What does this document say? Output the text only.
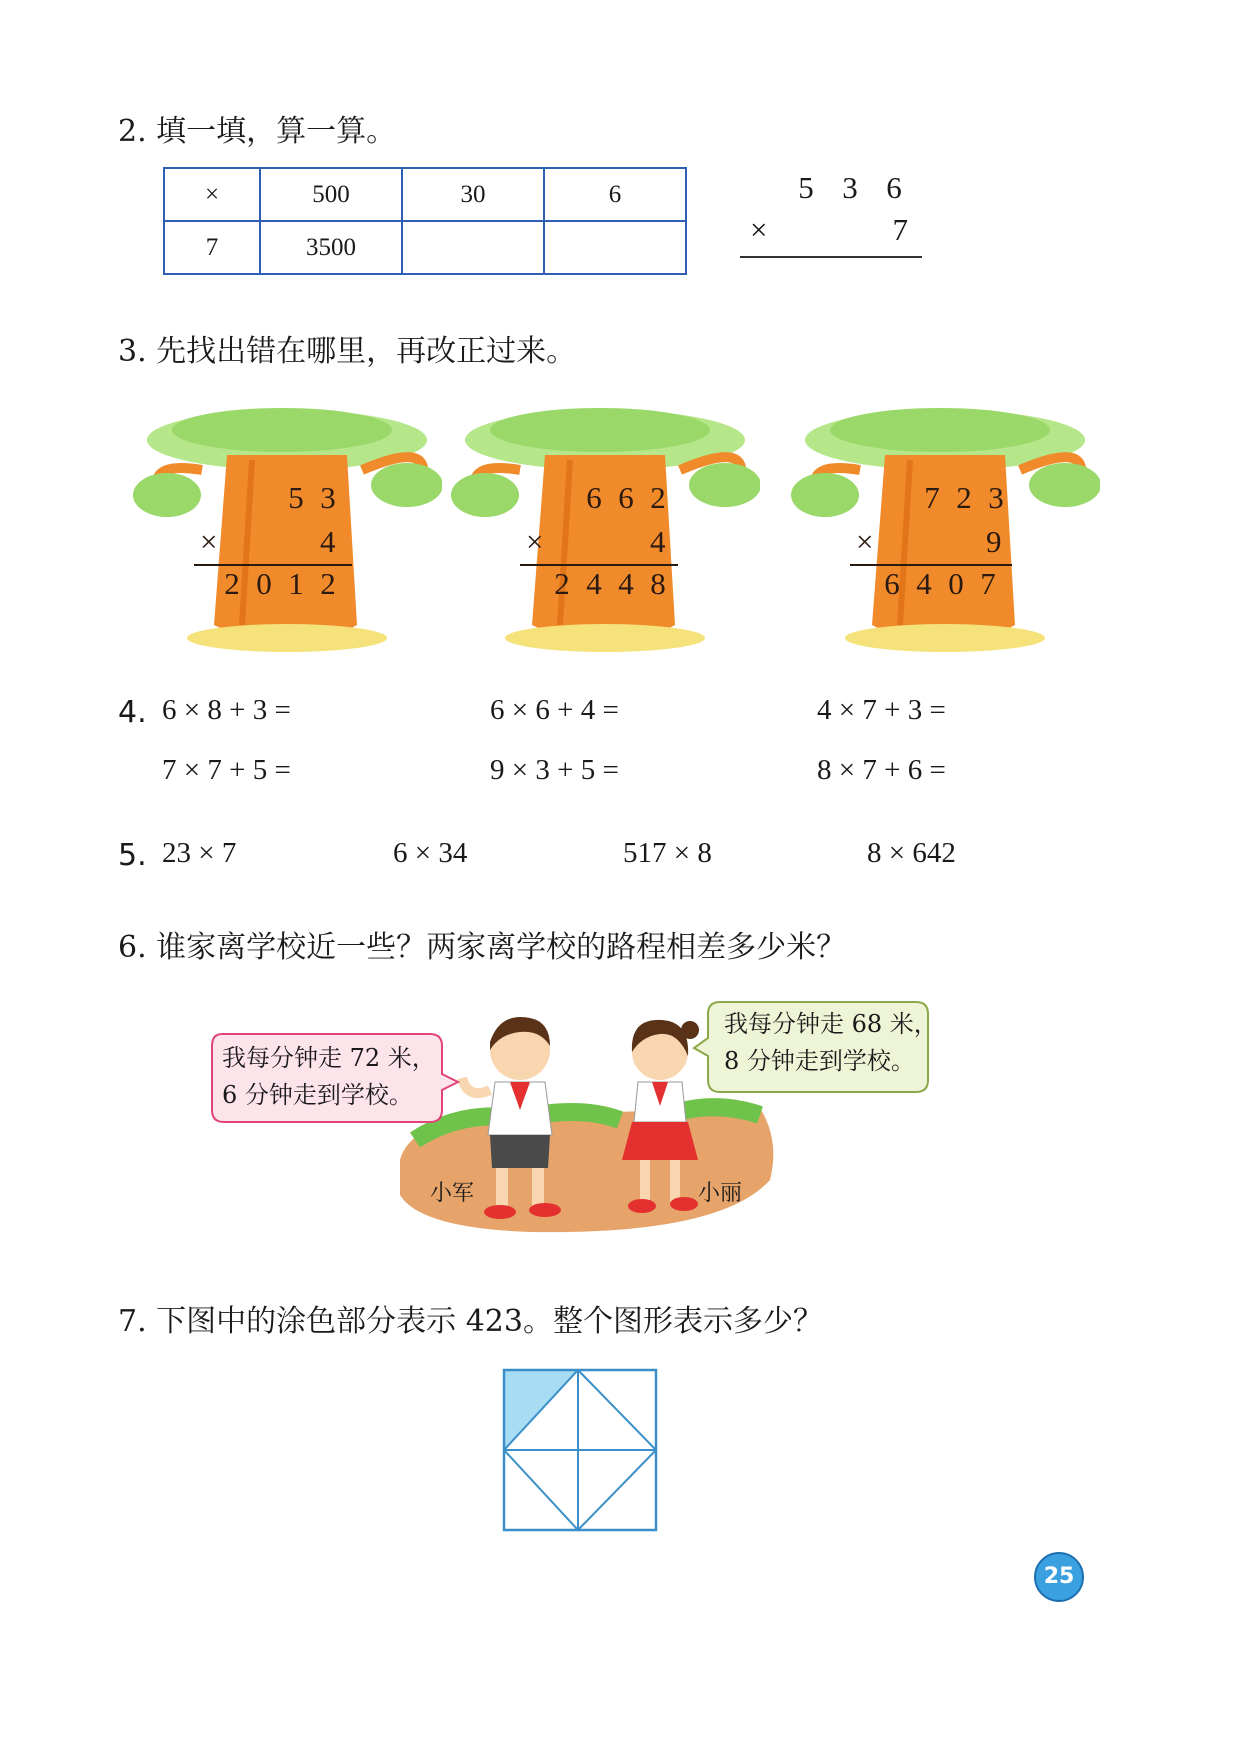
2. 填一填，算一算。
×	500	30	6
7	3500		
5 3 6
×	7
3. 先找出错在哪里，再改正过来。
5 3
×	4
2 0 1 2
6 6 2
×	4
2 4 4 8
7 2 3
×	9
6 4 0 7
4. 6 × 8 + 3 =	6 × 6 + 4 =	4 × 7 + 3 =
7 × 7 + 5 =	9 × 3 + 5 =	8 × 7 + 6 =
5. 23 × 7	6 × 34	517 × 8	8 × 642
6. 谁家离学校近一些？两家离学校的路程相差多少米？
我每分钟走 72 米，
6 分钟走到学校。
我每分钟走 68 米，
8 分钟走到学校。
小军	小丽
7. 下图中的涂色部分表示 423。整个图形表示多少？
25
